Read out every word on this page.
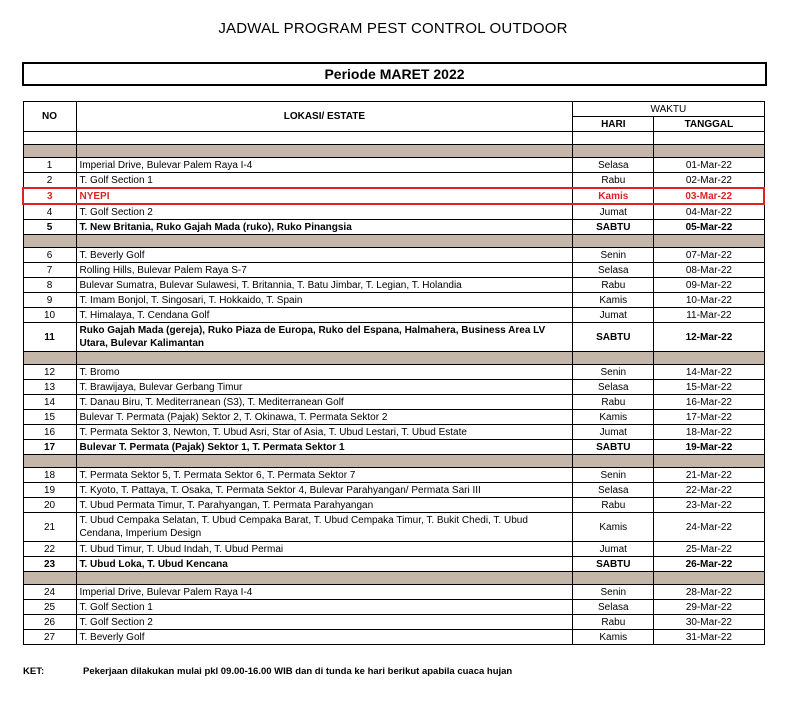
JADWAL PROGRAM PEST CONTROL OUTDOOR
Periode MARET 2022
NO	LOKASI/ ESTATE	WAKTU	
		HARI	TANGGAL

1	Imperial Drive, Bulevar Palem Raya I-4	Selasa	01-Mar-22
2	T. Golf Section 1	Rabu	02-Mar-22
3	NYEPI	Kamis	03-Mar-22
4	T. Golf Section 2	Jumat	04-Mar-22
5	T. New Britania, Ruko Gajah Mada (ruko), Ruko Pinangsia	SABTU	05-Mar-22

6	T. Beverly Golf	Senin	07-Mar-22
7	Rolling Hills, Bulevar Palem Raya S-7	Selasa	08-Mar-22
8	Bulevar Sumatra, Bulevar Sulawesi, T. Britannia, T. Batu Jimbar, T. Legian, T. Holandia	Rabu	09-Mar-22
9	T. Imam Bonjol, T. Singosari, T. Hokkaido, T. Spain	Kamis	10-Mar-22
10	T. Himalaya, T. Cendana Golf	Jumat	11-Mar-22
11	Ruko Gajah Mada (gereja), Ruko Piaza de Europa, Ruko del Espana, Halmahera, Business Area LV Utara, Bulevar Kalimantan	SABTU	12-Mar-22

12	T. Bromo	Senin	14-Mar-22
13	T. Brawijaya, Bulevar Gerbang Timur	Selasa	15-Mar-22
14	T. Danau Biru, T. Mediterranean (S3), T. Mediterranean Golf	Rabu	16-Mar-22
15	Bulevar T. Permata (Pajak) Sektor 2, T. Okinawa, T. Permata Sektor 2	Kamis	17-Mar-22
16	T. Permata Sektor 3, Newton, T. Ubud Asri, Star of Asia, T. Ubud Lestari, T. Ubud Estate	Jumat	18-Mar-22
17	Bulevar T. Permata (Pajak) Sektor 1, T. Permata Sektor 1	SABTU	19-Mar-22

18	T. Permata Sektor 5, T. Permata Sektor 6, T. Permata Sektor 7	Senin	21-Mar-22
19	T. Kyoto, T. Pattaya, T. Osaka, T. Permata Sektor 4, Bulevar Parahyangan/ Permata Sari III	Selasa	22-Mar-22
20	T. Ubud Permata Timur, T. Parahyangan, T. Permata Parahyangan	Rabu	23-Mar-22
21	T. Ubud Cempaka Selatan, T. Ubud Cempaka Barat, T. Ubud Cempaka Timur, T. Bukit Chedi, T. Ubud Cendana, Imperium Design	Kamis	24-Mar-22
22	T. Ubud Timur, T. Ubud Indah, T. Ubud Permai	Jumat	25-Mar-22
23	T. Ubud Loka, T. Ubud Kencana	SABTU	26-Mar-22

24	Imperial Drive, Bulevar Palem Raya I-4	Senin	28-Mar-22
25	T. Golf Section 1	Selasa	29-Mar-22
26	T. Golf Section 2	Rabu	30-Mar-22
27	T. Beverly Golf	Kamis	31-Mar-22
KET:	Pekerjaan dilakukan mulai pkl 09.00-16.00 WIB dan di tunda ke hari berikut apabila cuaca hujan
